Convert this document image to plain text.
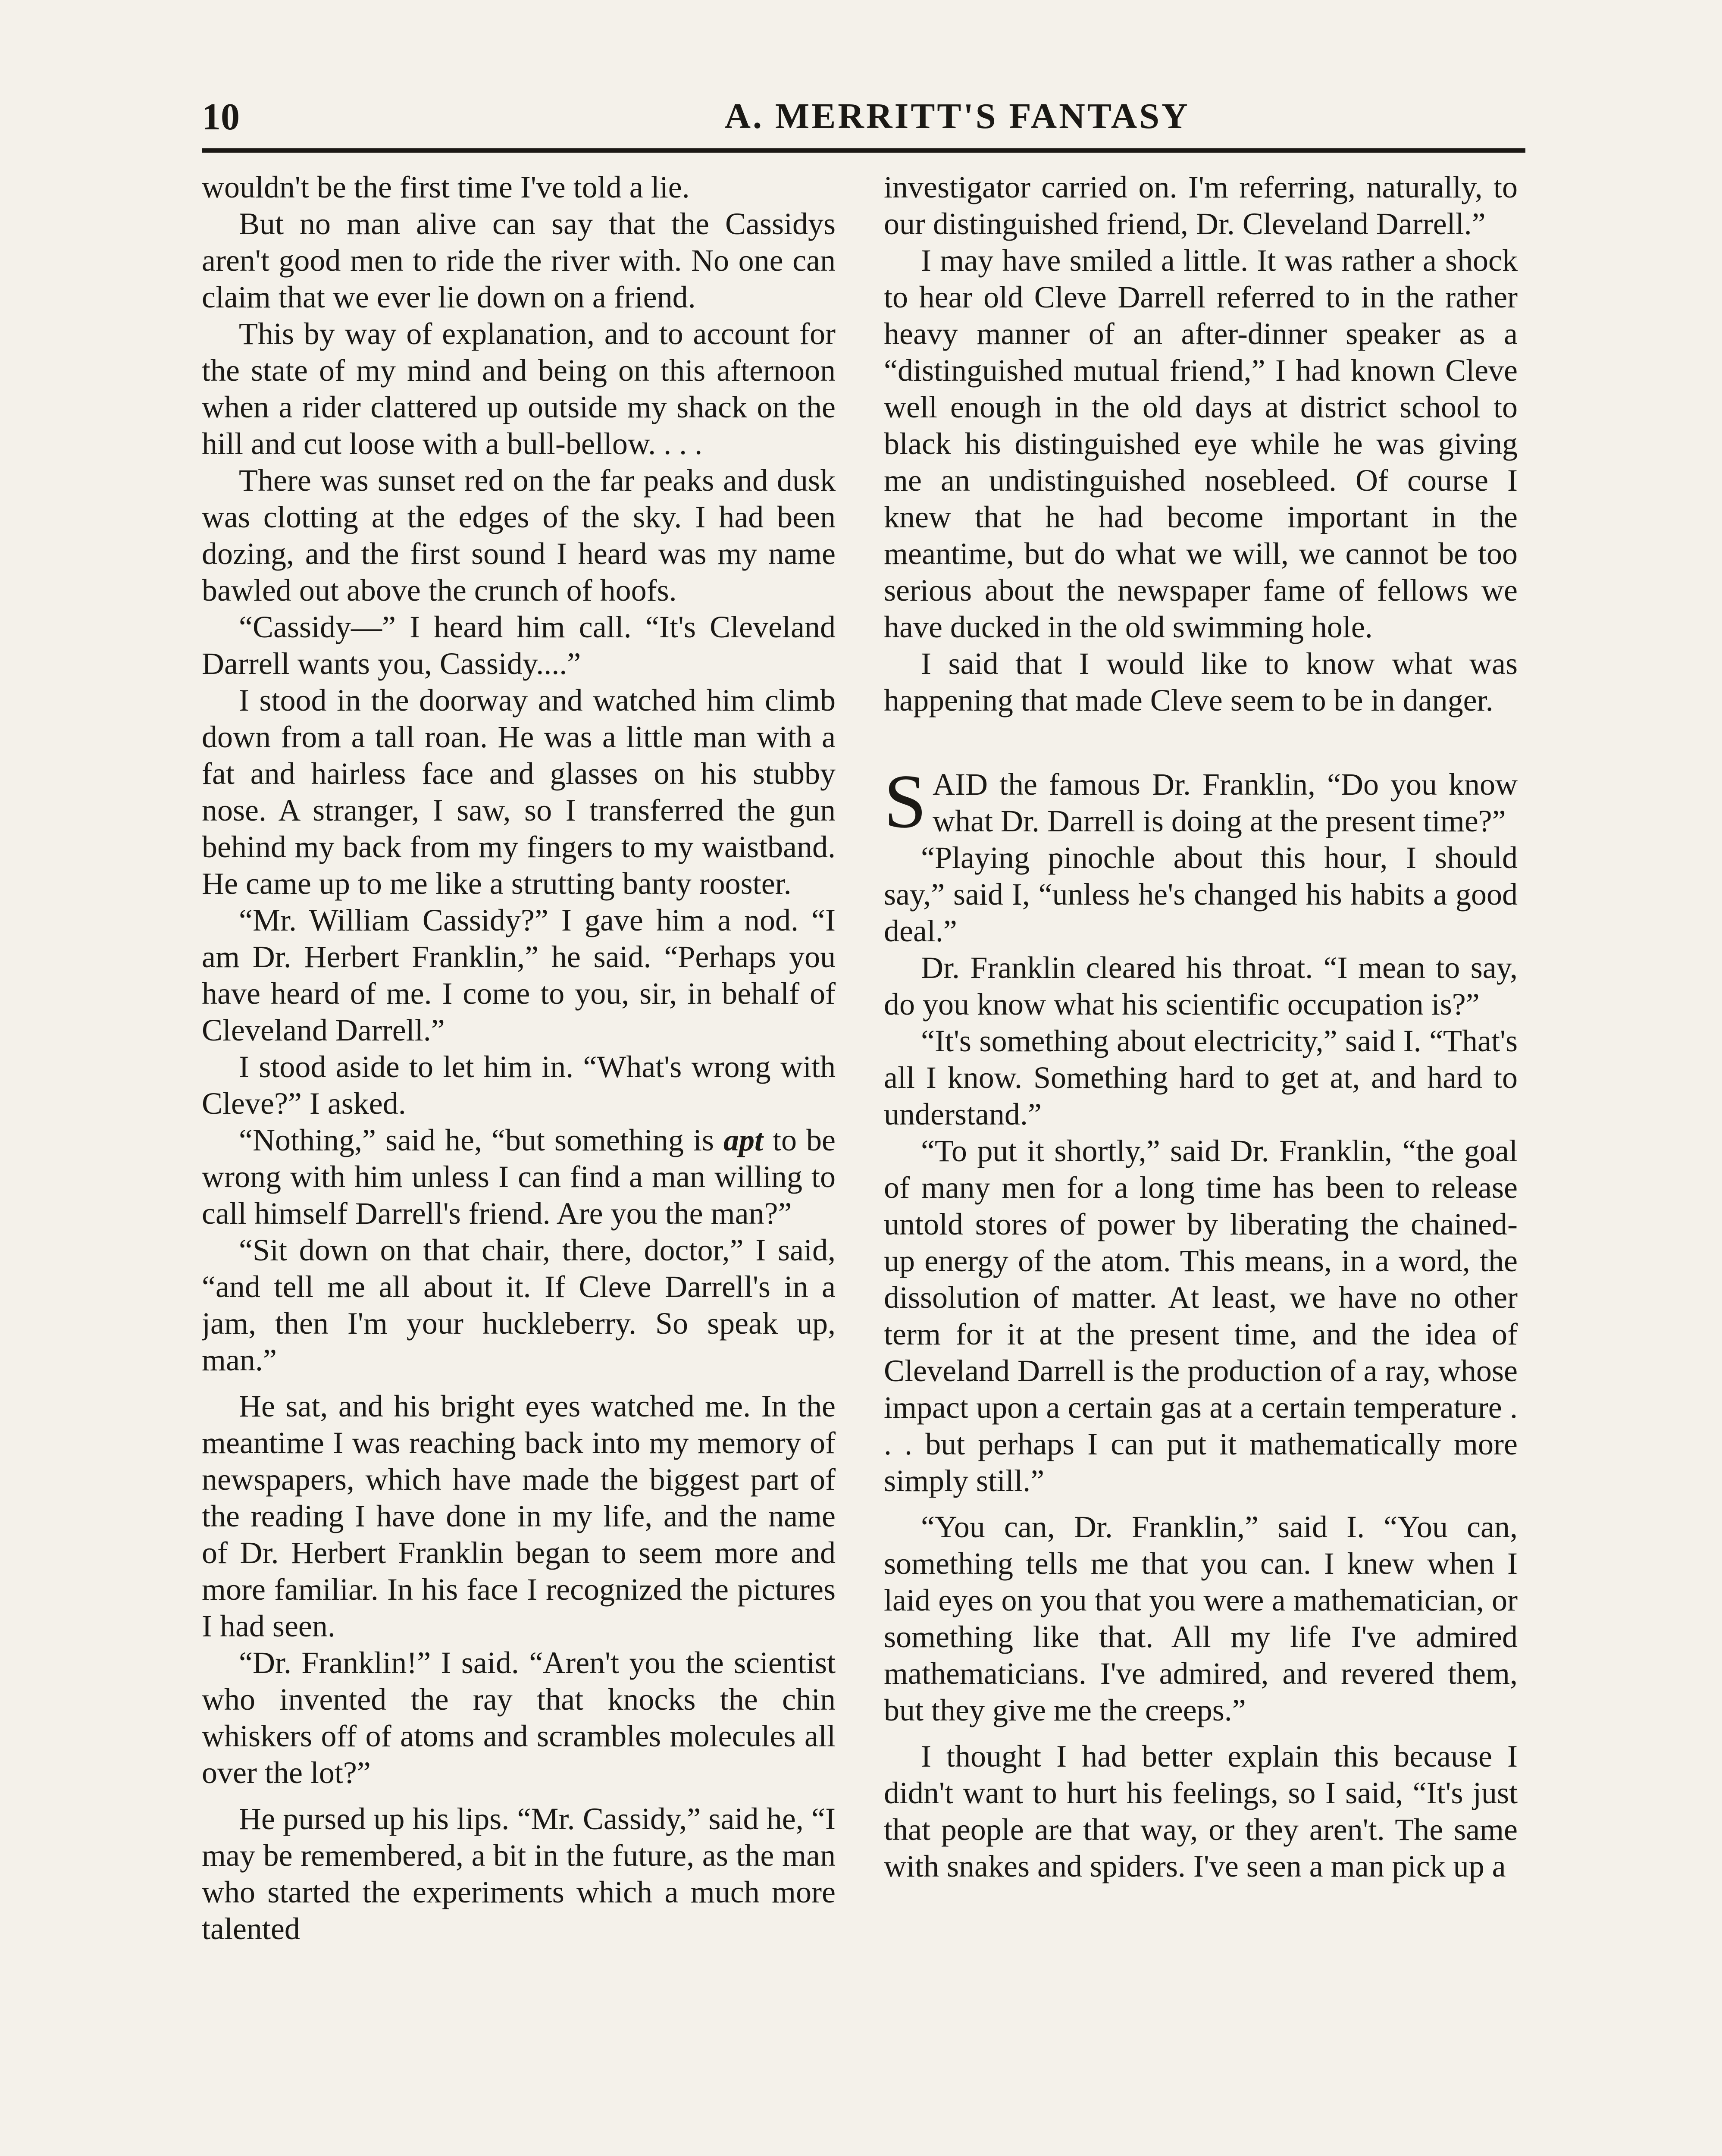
10	A. MERRITT'S FANTASY

wouldn't be the first time I've told a lie.

But no man alive can say that the Cassidys aren't good men to ride the river with. No one can claim that we ever lie down on a friend.

This by way of explanation, and to account for the state of my mind and being on this afternoon when a rider clattered up outside my shack on the hill and cut loose with a bull-bellow. . . .

There was sunset red on the far peaks and dusk was clotting at the edges of the sky. I had been dozing, and the first sound I heard was my name bawled out above the crunch of hoofs.

“Cassidy—” I heard him call. “It's Cleveland Darrell wants you, Cassidy....”

I stood in the doorway and watched him climb down from a tall roan. He was a little man with a fat and hairless face and glasses on his stubby nose. A stranger, I saw, so I transferred the gun behind my back from my fingers to my waistband. He came up to me like a strutting banty rooster.

“Mr. William Cassidy?” I gave him a nod. “I am Dr. Herbert Franklin,” he said. “Perhaps you have heard of me. I come to you, sir, in behalf of Cleveland Darrell.”

I stood aside to let him in. “What's wrong with Cleve?” I asked.

“Nothing,” said he, “but something is apt to be wrong with him unless I can find a man willing to call himself Darrell's friend. Are you the man?”

“Sit down on that chair, there, doctor,” I said, “and tell me all about it. If Cleve Darrell's in a jam, then I'm your huckleberry. So speak up, man.”

He sat, and his bright eyes watched me. In the meantime I was reaching back into my memory of newspapers, which have made the biggest part of the reading I have done in my life, and the name of Dr. Herbert Franklin began to seem more and more familiar. In his face I recognized the pictures I had seen.

“Dr. Franklin!” I said. “Aren't you the scientist who invented the ray that knocks the chin whiskers off of atoms and scrambles molecules all over the lot?”

He pursed up his lips. “Mr. Cassidy,” said he, “I may be remembered, a bit in the future, as the man who started the experiments which a much more talented

investigator carried on. I'm referring, naturally, to our distinguished friend, Dr. Cleveland Darrell.”

I may have smiled a little. It was rather a shock to hear old Cleve Darrell referred to in the rather heavy manner of an after-dinner speaker as a “distinguished mutual friend,” I had known Cleve well enough in the old days at district school to black his distinguished eye while he was giving me an undistinguished nosebleed. Of course I knew that he had become important in the meantime, but do what we will, we cannot be too serious about the newspaper fame of fellows we have ducked in the old swimming hole.

I said that I would like to know what was happening that made Cleve seem to be in danger.

SAID the famous Dr. Franklin, “Do you know what Dr. Darrell is doing at the present time?”

“Playing pinochle about this hour, I should say,” said I, “unless he's changed his habits a good deal.”

Dr. Franklin cleared his throat. “I mean to say, do you know what his scientific occupation is?”

“It's something about electricity,” said I. “That's all I know. Something hard to get at, and hard to understand.”

“To put it shortly,” said Dr. Franklin, “the goal of many men for a long time has been to release untold stores of power by liberating the chained-up energy of the atom. This means, in a word, the dissolution of matter. At least, we have no other term for it at the present time, and the idea of Cleveland Darrell is the production of a ray, whose impact upon a certain gas at a certain temperature . . . but perhaps I can put it mathematically more simply still.”

“You can, Dr. Franklin,” said I. “You can, something tells me that you can. I knew when I laid eyes on you that you were a mathematician, or something like that. All my life I've admired mathematicians. I've admired, and revered them, but they give me the creeps.”

I thought I had better explain this because I didn't want to hurt his feelings, so I said, “It's just that people are that way, or they aren't. The same with snakes and spiders. I've seen a man pick up a
